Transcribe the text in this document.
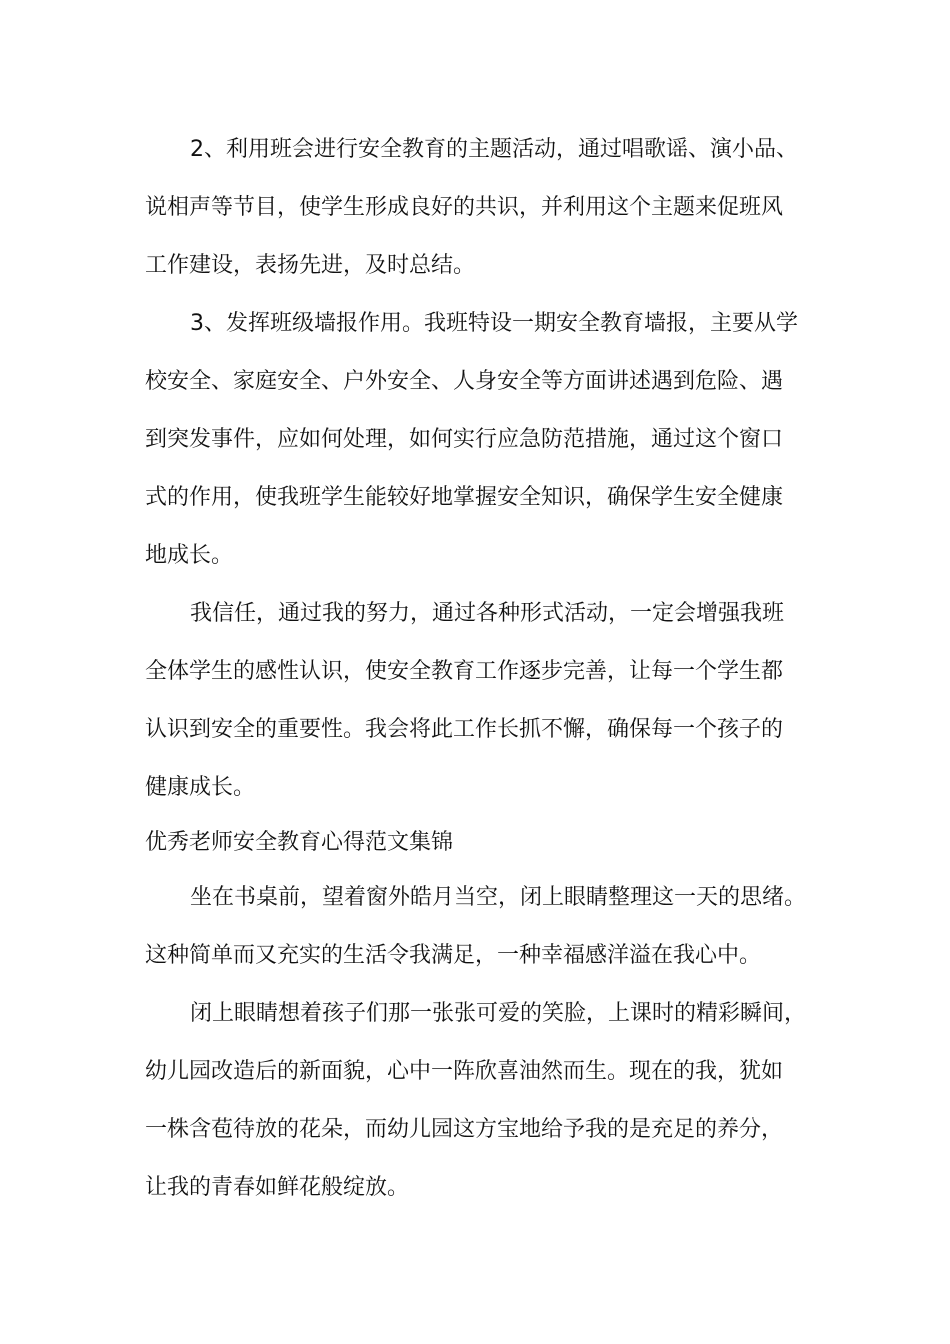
2、利用班会进行安全教育的主题活动，通过唱歌谣、演小品、
说相声等节目，使学生形成良好的共识，并利用这个主题来促班风
工作建设，表扬先进，及时总结。
3、发挥班级墙报作用。我班特设一期安全教育墙报，主要从学
校安全、家庭安全、户外安全、人身安全等方面讲述遇到危险、遇
到突发事件，应如何处理，如何实行应急防范措施，通过这个窗口
式的作用，使我班学生能较好地掌握安全知识，确保学生安全健康
地成长。
我信任，通过我的努力，通过各种形式活动，一定会增强我班
全体学生的感性认识，使安全教育工作逐步完善，让每一个学生都
认识到安全的重要性。我会将此工作长抓不懈，确保每一个孩子的
健康成长。
优秀老师安全教育心得范文集锦
坐在书桌前，望着窗外皓月当空，闭上眼睛整理这一天的思绪。
这种简单而又充实的生活令我满足，一种幸福感洋溢在我心中。
闭上眼睛想着孩子们那一张张可爱的笑脸，上课时的精彩瞬间，
幼儿园改造后的新面貌，心中一阵欣喜油然而生。现在的我，犹如
一株含苞待放的花朵，而幼儿园这方宝地给予我的是充足的养分，
让我的青春如鲜花般绽放。
